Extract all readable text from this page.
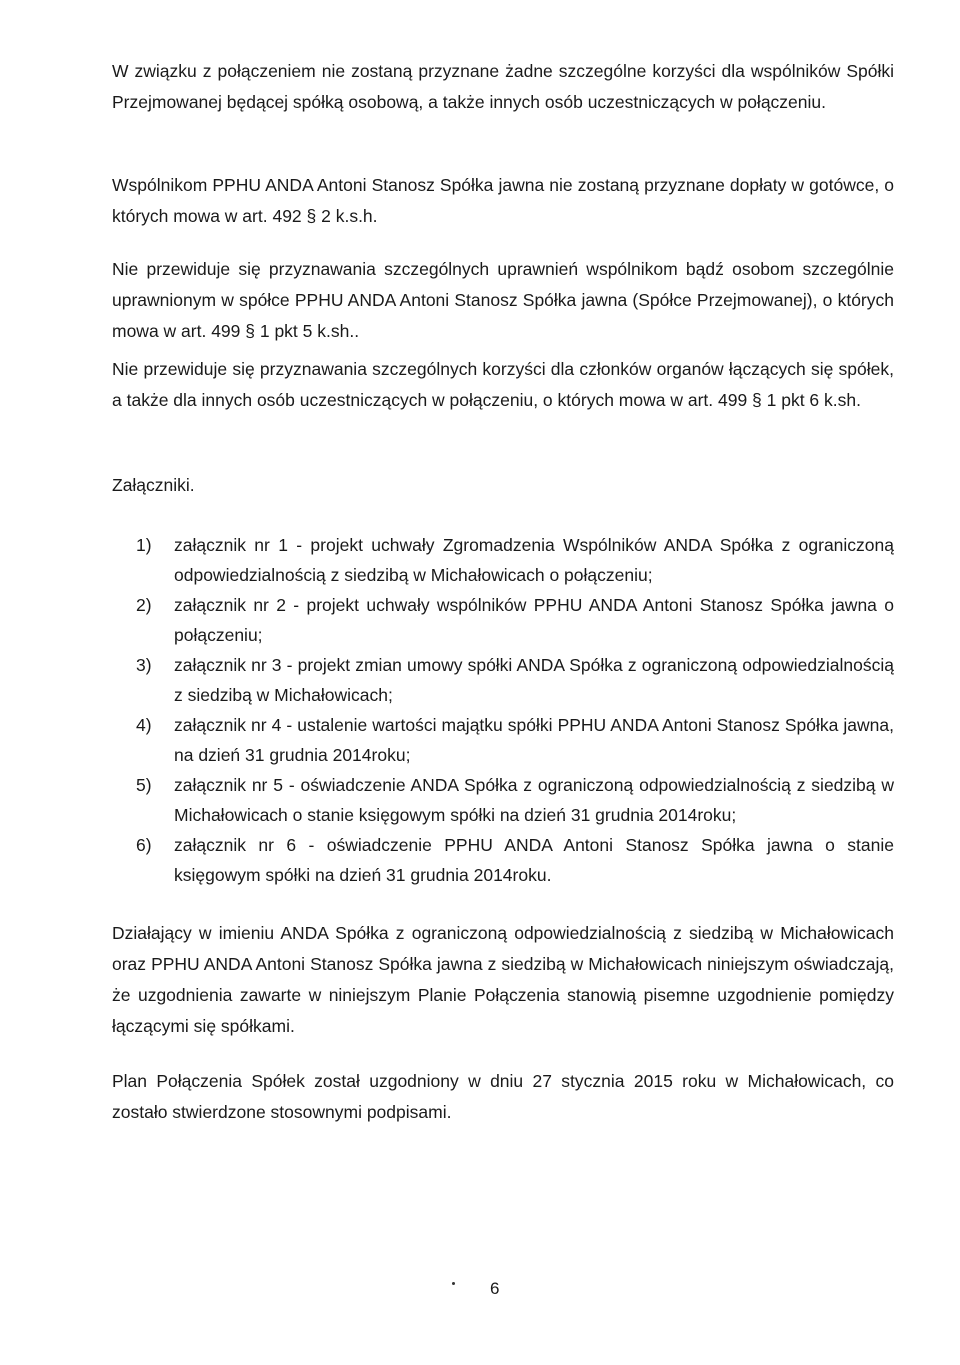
W związku z połączeniem nie zostaną przyznane żadne szczególne korzyści dla wspólników Spółki Przejmowanej będącej spółką osobową, a także innych osób uczestniczących w połączeniu.

Wspólnikom PPHU ANDA Antoni Stanosz Spółka jawna nie zostaną przyznane dopłaty w gotówce, o których mowa w art. 492 § 2 k.s.h.

Nie przewiduje się przyznawania szczególnych uprawnień wspólnikom bądź osobom szczególnie uprawnionym w spółce PPHU ANDA Antoni Stanosz Spółka jawna (Spółce Przejmowanej), o których mowa w art. 499 § 1 pkt 5 k.sh..

Nie przewiduje się przyznawania szczególnych korzyści dla członków organów łączących się spółek, a także dla innych osób uczestniczących w połączeniu, o których mowa w art. 499 § 1 pkt 6 k.sh.

Załączniki.

1)	załącznik nr 1 - projekt uchwały Zgromadzenia Wspólników ANDA Spółka z ograniczoną odpowiedzialnością z siedzibą w Michałowicach o połączeniu;
2)	załącznik nr 2 - projekt uchwały wspólników PPHU ANDA Antoni Stanosz Spółka jawna o połączeniu;
3)	załącznik nr 3 - projekt zmian umowy spółki ANDA Spółka z ograniczoną odpowiedzialnością z siedzibą w Michałowicach;
4)	załącznik nr 4 - ustalenie wartości majątku spółki PPHU ANDA Antoni Stanosz Spółka jawna, na dzień 31 grudnia 2014roku;
5)	załącznik nr 5 - oświadczenie ANDA Spółka z ograniczoną odpowiedzialnością z siedzibą w Michałowicach o stanie księgowym spółki na dzień 31 grudnia 2014roku;
6)	załącznik nr 6 - oświadczenie PPHU ANDA Antoni Stanosz Spółka jawna o stanie księgowym spółki na dzień 31 grudnia 2014roku.

Działający w imieniu ANDA Spółka z ograniczoną odpowiedzialnością z siedzibą w Michałowicach oraz PPHU ANDA Antoni Stanosz Spółka jawna z siedzibą w Michałowicach niniejszym oświadczają, że uzgodnienia zawarte w niniejszym Planie Połączenia stanowią pisemne uzgodnienie pomiędzy łączącymi się spółkami.

Plan Połączenia Spółek został uzgodniony w dniu 27 stycznia 2015 roku w Michałowicach, co zostało stwierdzone stosownymi podpisami.

6
